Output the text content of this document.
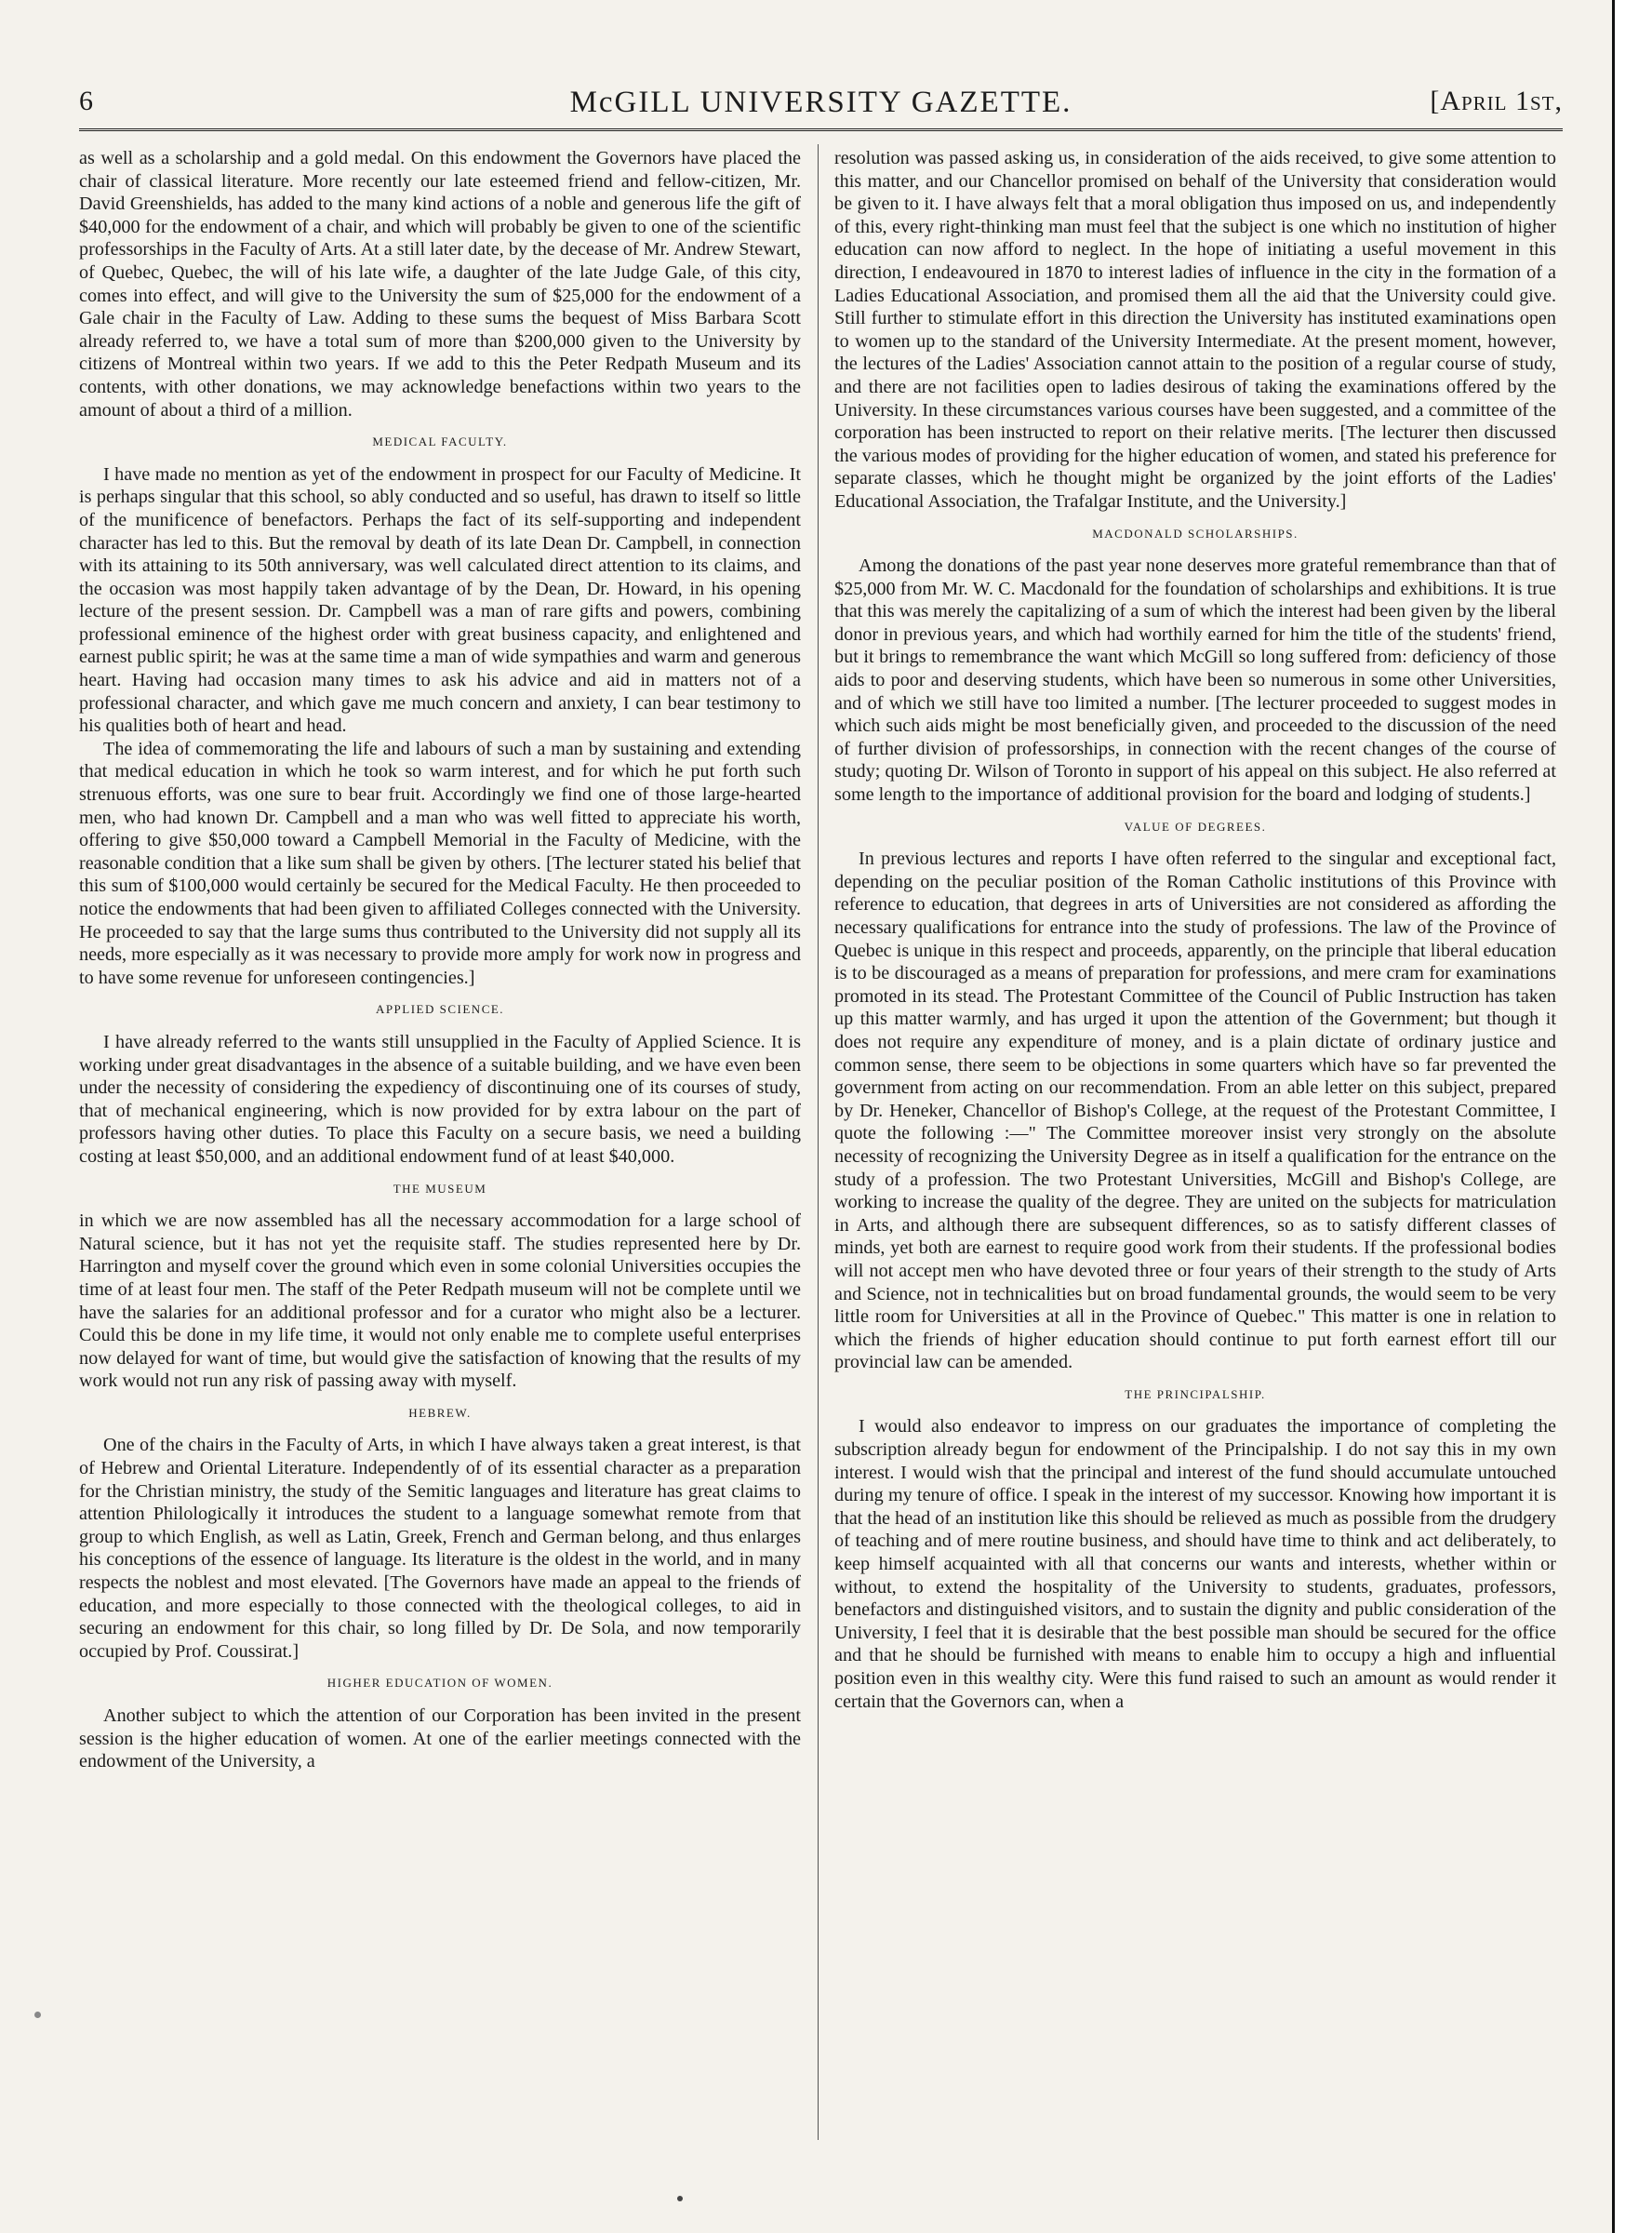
6	McGILL UNIVERSITY GAZETTE.	[April 1st,

as well as a scholarship and a gold medal. On this endowment the Governors have placed the chair of classical literature. More recently our late esteemed friend and fellow-citizen, Mr. David Greenshields, has added to the many kind actions of a noble and generous life the gift of $40,000 for the endowment of a chair, and which will probably be given to one of the scientific professorships in the Faculty of Arts. At a still later date, by the decease of Mr. Andrew Stewart, of Quebec, Quebec, the will of his late wife, a daughter of the late Judge Gale, of this city, comes into effect, and will give to the University the sum of $25,000 for the endowment of a Gale chair in the Faculty of Law. Adding to these sums the bequest of Miss Barbara Scott already referred to, we have a total sum of more than $200,000 given to the University by citizens of Montreal within two years. If we add to this the Peter Redpath Museum and its contents, with other donations, we may acknowledge benefactions within two years to the amount of about a third of a million.

MEDICAL FACULTY.

I have made no mention as yet of the endowment in prospect for our Faculty of Medicine. It is perhaps singular that this school, so ably conducted and so useful, has drawn to itself so little of the munificence of benefactors. Perhaps the fact of its self-supporting and independent character has led to this. But the removal by death of its late Dean Dr. Campbell, in connection with its attaining to its 50th anniversary, was well calculated direct attention to its claims, and the occasion was most happily taken advantage of by the Dean, Dr. Howard, in his opening lecture of the present session. Dr. Campbell was a man of rare gifts and powers, combining professional eminence of the highest order with great business capacity, and enlightened and earnest public spirit; he was at the same time a man of wide sympathies and warm and generous heart. Having had occasion many times to ask his advice and aid in matters not of a professional character, and which gave me much concern and anxiety, I can bear testimony to his qualities both of heart and head.

The idea of commemorating the life and labours of such a man by sustaining and extending that medical education in which he took so warm interest, and for which he put forth such strenuous efforts, was one sure to bear fruit. Accordingly we find one of those large-hearted men, who had known Dr. Campbell and a man who was well fitted to appreciate his worth, offering to give $50,000 toward a Campbell Memorial in the Faculty of Medicine, with the reasonable condition that a like sum shall be given by others. [The lecturer stated his belief that this sum of $100,000 would certainly be secured for the Medical Faculty. He then proceeded to notice the endowments that had been given to affiliated Colleges connected with the University. He proceeded to say that the large sums thus contributed to the University did not supply all its needs, more especially as it was necessary to provide more amply for work now in progress and to have some revenue for unforeseen contingencies.]

APPLIED SCIENCE.

I have already referred to the wants still unsupplied in the Faculty of Applied Science. It is working under great disadvantages in the absence of a suitable building, and we have even been under the necessity of considering the expediency of discontinuing one of its courses of study, that of mechanical engineering, which is now provided for by extra labour on the part of professors having other duties. To place this Faculty on a secure basis, we need a building costing at least $50,000, and an additional endowment fund of at least $40,000.

THE MUSEUM

in which we are now assembled has all the necessary accommodation for a large school of Natural science, but it has not yet the requisite staff. The studies represented here by Dr. Harrington and myself cover the ground which even in some colonial Universities occupies the time of at least four men. The staff of the Peter Redpath museum will not be complete until we have the salaries for an additional professor and for a curator who might also be a lecturer. Could this be done in my life time, it would not only enable me to complete useful enterprises now delayed for want of time, but would give the satisfaction of knowing that the results of my work would not run any risk of passing away with myself.

HEBREW.

One of the chairs in the Faculty of Arts, in which I have always taken a great interest, is that of Hebrew and Oriental Literature. Independently of of its essential character as a preparation for the Christian ministry, the study of the Semitic languages and literature has great claims to attention Philologically it introduces the student to a language somewhat remote from that group to which English, as well as Latin, Greek, French and German belong, and thus enlarges his conceptions of the essence of language. Its literature is the oldest in the world, and in many respects the noblest and most elevated. [The Governors have made an appeal to the friends of education, and more especially to those connected with the theological colleges, to aid in securing an endowment for this chair, so long filled by Dr. De Sola, and now temporarily occupied by Prof. Coussirat.]

HIGHER EDUCATION OF WOMEN.

Another subject to which the attention of our Corporation has been invited in the present session is the higher education of women. At one of the earlier meetings connected with the endowment of the University, a

resolution was passed asking us, in consideration of the aids received, to give some attention to this matter, and our Chancellor promised on behalf of the University that consideration would be given to it. I have always felt that a moral obligation thus imposed on us, and independently of this, every right-thinking man must feel that the subject is one which no institution of higher education can now afford to neglect. In the hope of initiating a useful movement in this direction, I endeavoured in 1870 to interest ladies of influence in the city in the formation of a Ladies Educational Association, and promised them all the aid that the University could give. Still further to stimulate effort in this direction the University has instituted examinations open to women up to the standard of the University Intermediate. At the present moment, however, the lectures of the Ladies' Association cannot attain to the position of a regular course of study, and there are not facilities open to ladies desirous of taking the examinations offered by the University. In these circumstances various courses have been suggested, and a committee of the corporation has been instructed to report on their relative merits. [The lecturer then discussed the various modes of providing for the higher education of women, and stated his preference for separate classes, which he thought might be organized by the joint efforts of the Ladies' Educational Association, the Trafalgar Institute, and the University.]

MACDONALD SCHOLARSHIPS.

Among the donations of the past year none deserves more grateful remembrance than that of $25,000 from Mr. W. C. Macdonald for the foundation of scholarships and exhibitions. It is true that this was merely the capitalizing of a sum of which the interest had been given by the liberal donor in previous years, and which had worthily earned for him the title of the students' friend, but it brings to remembrance the want which McGill so long suffered from: deficiency of those aids to poor and deserving students, which have been so numerous in some other Universities, and of which we still have too limited a number. [The lecturer proceeded to suggest modes in which such aids might be most beneficially given, and proceeded to the discussion of the need of further division of professorships, in connection with the recent changes of the course of study; quoting Dr. Wilson of Toronto in support of his appeal on this subject. He also referred at some length to the importance of additional provision for the board and lodging of students.]

VALUE OF DEGREES.

In previous lectures and reports I have often referred to the singular and exceptional fact, depending on the peculiar position of the Roman Catholic institutions of this Province with reference to education, that degrees in arts of Universities are not considered as affording the necessary qualifications for entrance into the study of professions. The law of the Province of Quebec is unique in this respect and proceeds, apparently, on the principle that liberal education is to be discouraged as a means of preparation for professions, and mere cram for examinations promoted in its stead. The Protestant Committee of the Council of Public Instruction has taken up this matter warmly, and has urged it upon the attention of the Government; but though it does not require any expenditure of money, and is a plain dictate of ordinary justice and common sense, there seem to be objections in some quarters which have so far prevented the government from acting on our recommendation. From an able letter on this subject, prepared by Dr. Heneker, Chancellor of Bishop's College, at the request of the Protestant Committee, I quote the following :—" The Committee moreover insist very strongly on the absolute necessity of recognizing the University Degree as in itself a qualification for the entrance on the study of a profession. The two Protestant Universities, McGill and Bishop's College, are working to increase the quality of the degree. They are united on the subjects for matriculation in Arts, and although there are subsequent differences, so as to satisfy different classes of minds, yet both are earnest to require good work from their students. If the professional bodies will not accept men who have devoted three or four years of their strength to the study of Arts and Science, not in technicalities but on broad fundamental grounds, the would seem to be very little room for Universities at all in the Province of Quebec." This matter is one in relation to which the friends of higher education should continue to put forth earnest effort till our provincial law can be amended.

THE PRINCIPALSHIP.

I would also endeavor to impress on our graduates the importance of completing the subscription already begun for endowment of the Principalship. I do not say this in my own interest. I would wish that the principal and interest of the fund should accumulate untouched during my tenure of office. I speak in the interest of my successor. Knowing how important it is that the head of an institution like this should be relieved as much as possible from the drudgery of teaching and of mere routine business, and should have time to think and act deliberately, to keep himself acquainted with all that concerns our wants and interests, whether within or without, to extend the hospitality of the University to students, graduates, professors, benefactors and distinguished visitors, and to sustain the dignity and public consideration of the University, I feel that it is desirable that the best possible man should be secured for the office and that he should be furnished with means to enable him to occupy a high and influential position even in this wealthy city. Were this fund raised to such an amount as would render it certain that the Governors can, when a
